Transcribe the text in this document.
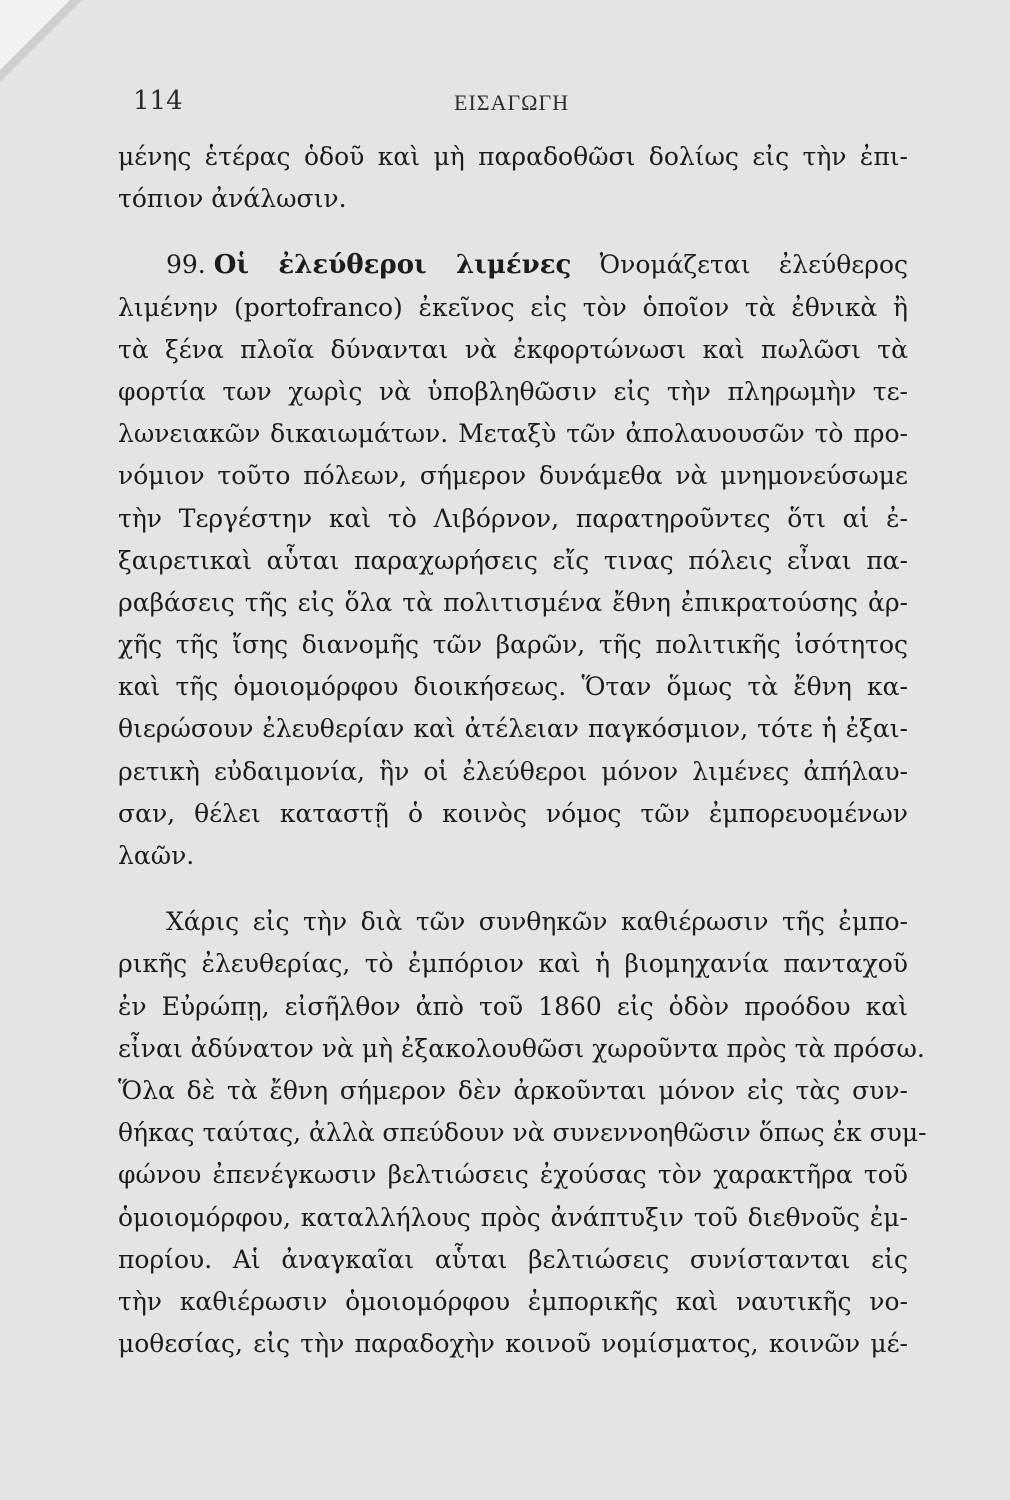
114	ΕΙΣΑΓΩΓΗ
μένης ἑτέρας ὁδοῦ καὶ μὴ παραδοθῶσι δολίως εἰς τὴν ἐπι-
τόπιον ἀνάλωσιν.
99. Οἱ ἐλεύθεροι λιμένες Ὀνομάζεται ἐλεύθερος
λιμένην (portofranco) ἐκεῖνος εἰς τὸν ὁποῖον τὰ ἐθνικὰ ἢ
τὰ ξένα πλοῖα δύνανται νὰ ἐκφορτώνωσι καὶ πωλῶσι τὰ
φορτία των χωρὶς νὰ ὑποβληθῶσιν εἰς τὴν πληρωμὴν τε-
λωνειακῶν δικαιωμάτων. Μεταξὺ τῶν ἀπολαυουσῶν τὸ προ-
νόμιον τοῦτο πόλεων, σήμερον δυνάμεθα νὰ μνημονεύσωμε
τὴν Τεργέστην καὶ τὸ Λιβόρνον, παρατηροῦντες ὅτι αἱ ἐ-
ξαιρετικαὶ αὗται παραχωρήσεις εἴς τινας πόλεις εἶναι πα-
ραβάσεις τῆς εἰς ὅλα τὰ πολιτισμένα ἔθνη ἐπικρατούσης ἀρ-
χῆς τῆς ἴσης διανομῆς τῶν βαρῶν, τῆς πολιτικῆς ἰσότητος
καὶ τῆς ὁμοιομόρφου διοικήσεως. Ὅταν ὅμως τὰ ἔθνη κα-
θιερώσουν ἐλευθερίαν καὶ ἀτέλειαν παγκόσμιον, τότε ἡ ἐξαι-
ρετικὴ εὐδαιμονία, ἣν οἱ ἐλεύθεροι μόνον λιμένες ἀπήλαυ-
σαν, θέλει καταστῇ ὁ κοινὸς νόμος τῶν ἐμπορευομένων
λαῶν.
Χάρις εἰς τὴν διὰ τῶν συνθηκῶν καθιέρωσιν τῆς ἐμπο-
ρικῆς ἐλευθερίας, τὸ ἐμπόριον καὶ ἡ βιομηχανία πανταχοῦ
ἐν Εὐρώπῃ, εἰσῆλθον ἀπὸ τοῦ 1860 εἰς ὁδὸν προόδου καὶ
εἶναι ἀδύνατον νὰ μὴ ἐξακολουθῶσι χωροῦντα πρὸς τὰ πρόσω.
Ὅλα δὲ τὰ ἔθνη σήμερον δὲν ἀρκοῦνται μόνον εἰς τὰς συν-
θήκας ταύτας, ἀλλὰ σπεύδουν νὰ συνεννοηθῶσιν ὅπως ἐκ συμ-
φώνου ἐπενέγκωσιν βελτιώσεις ἐχούσας τὸν χαρακτῆρα τοῦ
ὁμοιομόρφου, καταλλήλους πρὸς ἀνάπτυξιν τοῦ διεθνοῦς ἐμ-
πορίου. Αἱ ἀναγκαῖαι αὗται βελτιώσεις συνίστανται εἰς
τὴν καθιέρωσιν ὁμοιομόρφου ἐμπορικῆς καὶ ναυτικῆς νο-
μοθεσίας, εἰς τὴν παραδοχὴν κοινοῦ νομίσματος, κοινῶν μέ-
